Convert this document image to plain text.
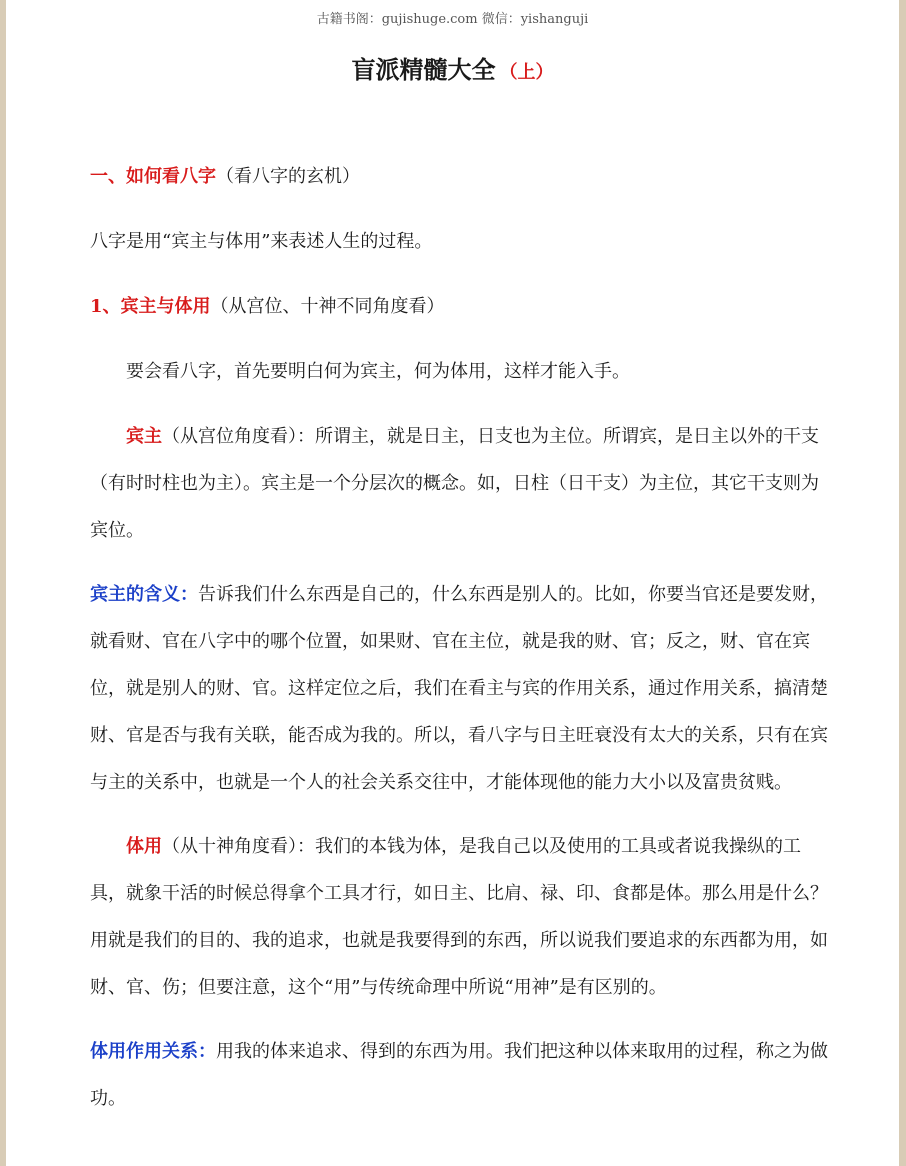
古籍书阁：gujishuge.com 微信：yishanguji
盲派精髓大全 （上）
一、如何看八字（看八字的玄机）
八字是用“宾主与体用”来表述人生的过程。
1、宾主与体用（从宫位、十神不同角度看）
要会看八字，首先要明白何为宾主，何为体用，这样才能入手。
宾主（从宫位角度看）：所谓主，就是日主，日支也为主位。所谓宾，是日主以外的干支（有时时柱也为主）。宾主是一个分层次的概念。如，日柱（日干支）为主位，其它干支则为宾位。
宾主的含义：告诉我们什么东西是自己的，什么东西是别人的。比如，你要当官还是要发财，就看财、官在八字中的哪个位置，如果财、官在主位，就是我的财、官；反之，财、官在宾位，就是别人的财、官。这样定位之后，我们在看主与宾的作用关系，通过作用关系，搞清楚财、官是否与我有关联，能否成为我的。所以，看八字与日主旺衰没有太大的关系，只有在宾与主的关系中，也就是一个人的社会关系交往中，才能体现他的能力大小以及富贵贫贱。
体用（从十神角度看）：我们的本钱为体，是我自己以及使用的工具或者说我操纵的工具，就象干活的时候总得拿个工具才行，如日主、比肩、禄、印、食都是体。那么用是什么？用就是我们的目的、我的追求，也就是我要得到的东西，所以说我们要追求的东西都为用，如财、官、伤；但要注意，这个“用”与传统命理中所说“用神”是有区别的。
体用作用关系：用我的体来追求、得到的东西为用。我们把这种以体来取用的过程，称之为做功。
